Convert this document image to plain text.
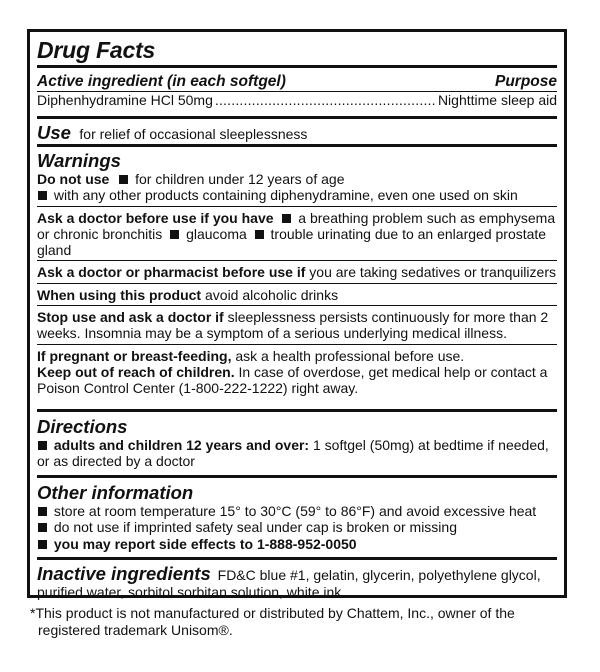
Drug Facts
Active ingredient (in each softgel)	Purpose
Diphenhydramine HCl 50mg
.....	Nighttime sleep aid
Use for relief of occasional sleeplessness
Warnings
Do not use for children under 12 years of age
with any other products containing diphenydramine, even one used on skin
Ask a doctor before use if you have a breathing problem such as emphysema
or chronic bronchitis glaucoma trouble urinating due to an enlarged prostate
gland
Ask a doctor or pharmacist before use if you are taking sedatives or tranquilizers
When using this product avoid alcoholic drinks
Stop use and ask a doctor if sleeplessness persists continuously for more than 2
weeks. Insomnia may be a symptom of a serious underlying medical illness.
If pregnant or breast-feeding, ask a health professional before use.
Keep out of reach of children. In case of overdose, get medical help or contact a
Poison Control Center (1-800-222-1222) right away.
Directions
adults and children 12 years and over: 1 softgel (50mg) at bedtime if needed,
or as directed by a doctor
Other information
store at room temperature 15° to 30°C (59° to 86°F) and avoid excessive heat
do not use if imprinted safety seal under cap is broken or missing
you may report side effects to 1-888-952-0050
Inactive ingredients FD&C blue #1, gelatin, glycerin, polyethylene glycol,
purified water, sorbitol sorbitan solution, white ink
*This product is not manufactured or distributed by Chattem, Inc., owner of the
registered trademark Unisom®.
